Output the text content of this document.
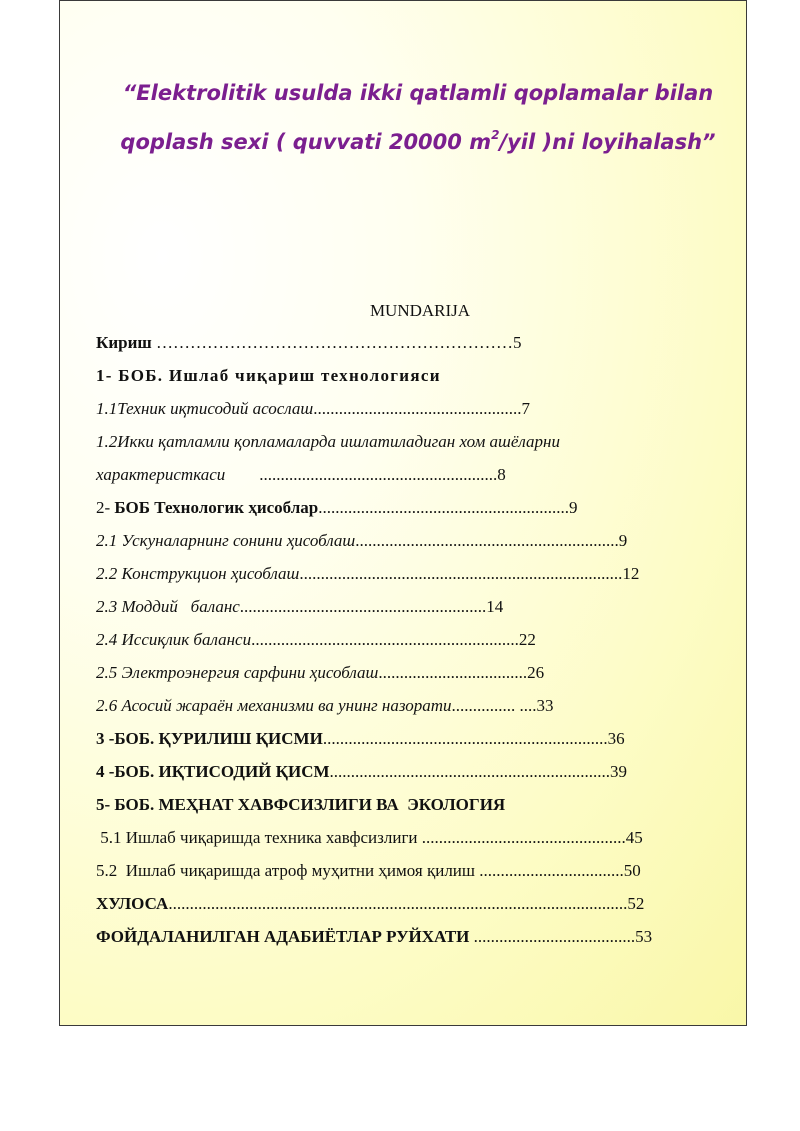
“Elektrolitik usulda ikki qatlamli qoplamalar bilan
qoplash sexi ( quvvati 20000 $m^2$/yil )ni loyihalash”
MUNDARIJA
Кириш ………………………………………………………5
1- БОБ. Ишлаб чиқариш технологияси
1.1Техник иқтисодий асослаш.................................................7
1.2Икки қатламли қопламаларда ишлатиладиган хом ашёларни
характеристкаси        ........................................................8
2- БОБ Технологик ҳисоблар...........................................................9
2.1 Ускуналарнинг сонини ҳисоблаш..............................................................9
2.2 Конструкцион ҳисоблаш............................................................................12
2.3 Моддий   баланс..........................................................14
2.4 Иссиқлик баланси...............................................................22
2.5 Электроэнергия сарфини ҳисоблаш...................................26
2.6 Асосий жараён механизми ва унинг назорати............... ....33
3 -БОБ. ҚУРИЛИШ ҚИСМИ...................................................................36
4 -БОБ. ИҚТИСОДИЙ ҚИСМ..................................................................39
5- БОБ. МЕҲНАТ ХАВФСИЗЛИГИ ВА  ЭКОЛОГИЯ
5.1 Ишлаб чиқаришда техника хавфсизлиги ................................................45
5.2  Ишлаб чиқаришда атроф муҳитни ҳимоя қилиш ..................................50
ХУЛОСА............................................................................................................52
ФОЙДАЛАНИЛГАН АДАБИЁТЛАР РУЙХАТИ ......................................53
